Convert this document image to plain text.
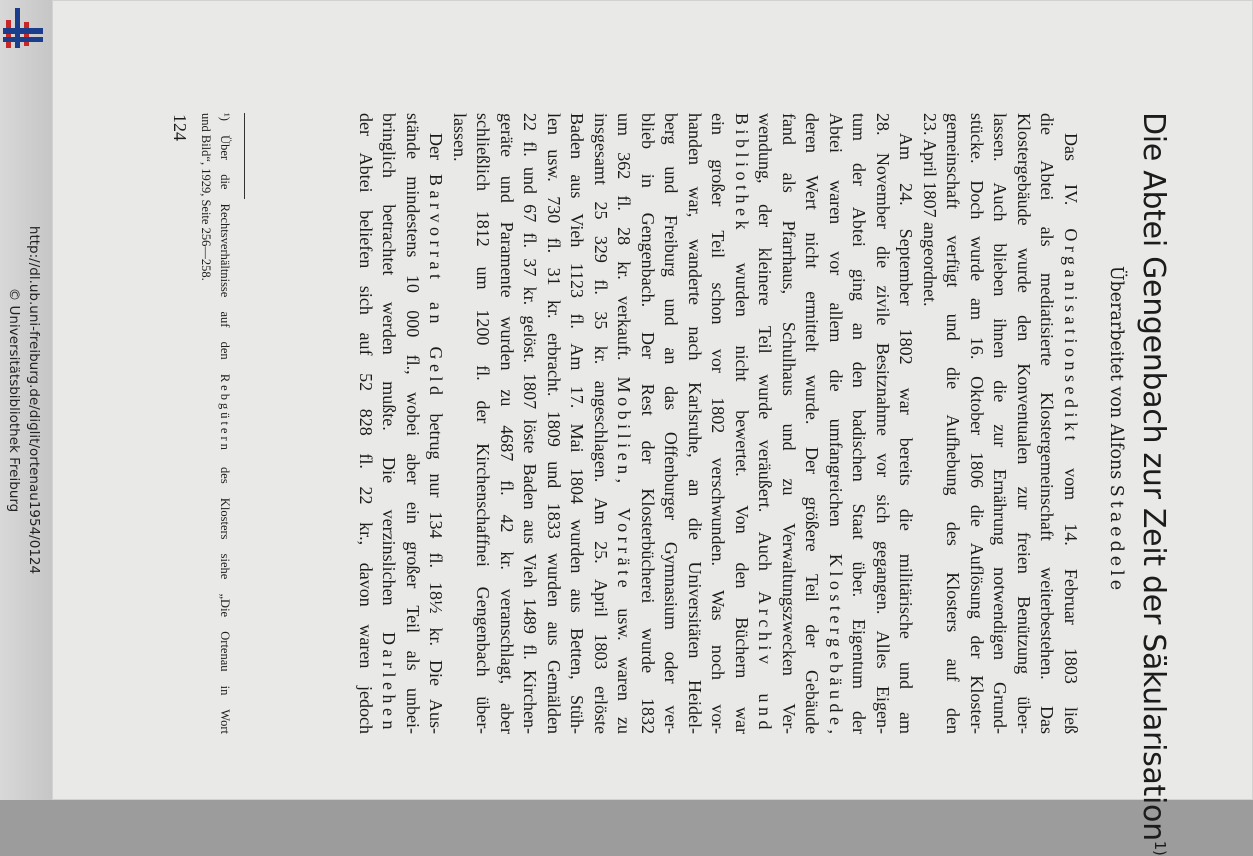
http://dl.ub.uni-freiburg.de/diglit/ortenau1954/0124
© Universitätsbibliothek Freiburg	Die Abtei Gengenbach zur Zeit der Säkularisation$^{1)}$
Überarbeitet von Alfons Staedele
Das IV. Organisationsedikt vom 14. Februar 1803 ließ
die Abtei als mediatisierte Klostergemeinschaft weiterbestehen. Das
Klostergebäude wurde den Konventualen zur freien Benützung über-
lassen. Auch blieben ihnen die zur Ernährung notwendigen Grund-
stücke. Doch wurde am 16. Oktober 1806 die Auflösung der Kloster-
gemeinschaft verfügt und die Aufhebung des Klosters auf den
23. April 1807 angeordnet.
Am 24. September 1802 war bereits die militärische und am
28. November die zivile Besitznahme vor sich gegangen. Alles Eigen-
tum der Abtei ging an den badischen Staat über. Eigentum der
Abtei waren vor allem die umfangreichen Klostergebäude,
deren Wert nicht ermittelt wurde. Der größere Teil der Gebäude
fand als Pfarrhaus, Schulhaus und zu Verwaltungszwecken Ver-
wendung, der kleinere Teil wurde veräußert. Auch Archiv und
Bibliothek wurden nicht bewertet. Von den Büchern war
ein großer Teil schon vor 1802 verschwunden. Was noch vor-
handen war, wanderte nach Karlsruhe, an die Universitäten Heidel-
berg und Freiburg und an das Offenburger Gymnasium oder ver-
blieb in Gengenbach. Der Rest der Klosterbücherei wurde 1832
um 362 fl. 28 kr. verkauft. Mobilien, Vorräte usw. waren zu
insgesamt 25 329 fl. 35 kr. angeschlagen. Am 25. April 1803 erlöste
Baden aus Vieh 1123 fl. Am 17. Mai 1804 wurden aus Betten, Stüh-
len usw. 730 fl. 31 kr. erbracht. 1809 und 1833 wurden aus Gemälden
22 fl. und 67 fl. 37 kr. gelöst. 1807 löste Baden aus Vieh 1489 fl. Kirchen-
geräte und Paramente wurden zu 4687 fl. 42 kr. veranschlagt, aber
schließlich 1812 um 1200 fl. der Kirchenschaffnei Gengenbach über-
lassen.
Der Barvorrat an Geld betrug nur 134 fl. 18½ kr. Die Aus-
stände mindestens 10 000 fl., wobei aber ein großer Teil als unbei-
bringlich betrachtet werden mußte. Die verzinslichen Darlehen
der Abtei beliefen sich auf 52 828 fl. 22 kr., davon waren jedoch
¹) Über die Rechtsverhältnisse auf den Rebgütern des Klosters siehe „Die Ortenau in Wort
und Bild“, 1929, Seite 256—258.
124
